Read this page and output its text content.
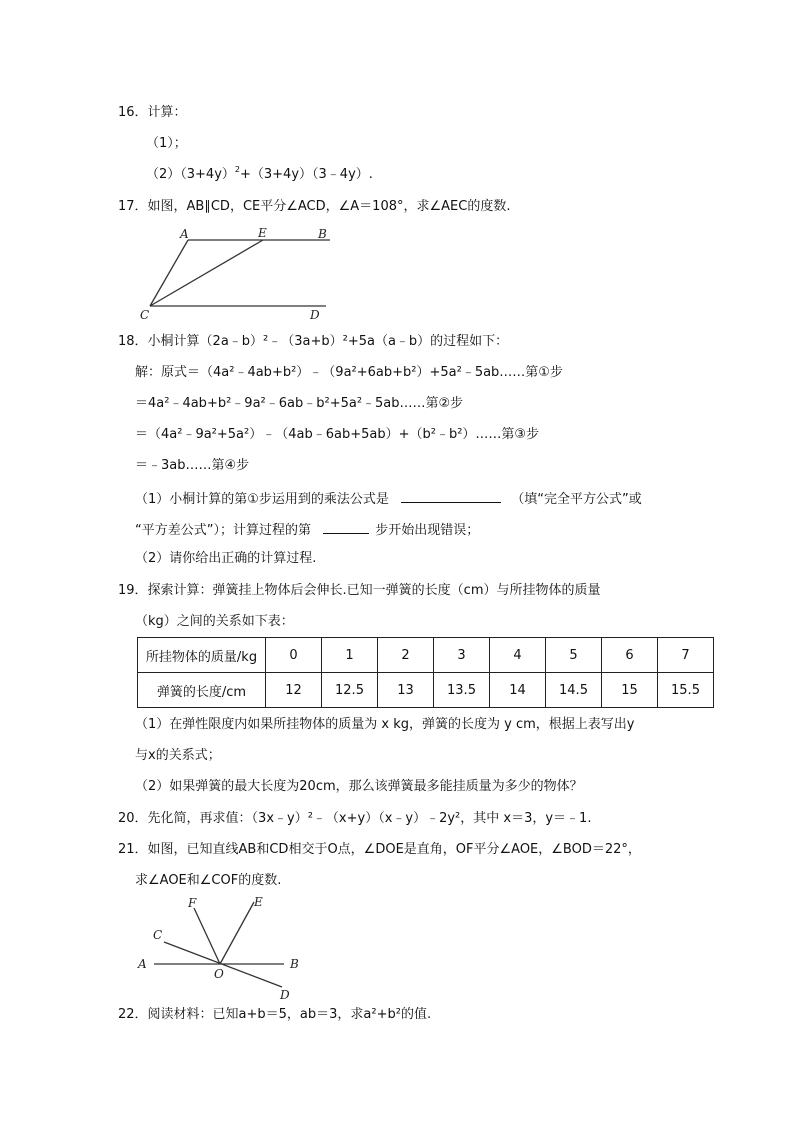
16．计算：
（1）；
$(2)(3+4y)^2+(3+4y)(3﹣4y)$.
17．如图，AB∥CD，CE平分∠ACD，∠A＝108°，求∠AEC的度数.
A	E	B
C	D
18．小桐计算（2a﹣b）²﹣（3a+b）²+5a（a﹣b）的过程如下：
解：原式＝（4a²﹣4ab+b²）﹣（9a²+6ab+b²）+5a²﹣5ab……第①步
＝4a²﹣4ab+b²﹣9a²﹣6ab﹣b²+5a²﹣5ab……第②步
＝（4a²﹣9a²+5a²）﹣（4ab﹣6ab+5ab）+（b²﹣b²）……第③步
＝﹣3ab……第④步
（1）小桐计算的第①步运用到的乘法公式是	（填“完全平方公式”或
“平方差公式”）；计算过程的第	步开始出现错误；
（2）请你给出正确的计算过程.
19．探索计算：弹簧挂上物体后会伸长.已知一弹簧的长度（cm）与所挂物体的质量
（kg）之间的关系如下表：
所挂物体的质量/kg	0	1	2	3	4	5	6	7
弹簧的长度/cm	12	12.5	13	13.5	14	14.5	15	15.5
（1）在弹性限度内如果所挂物体的质量为 x kg，弹簧的长度为 y cm，根据上表写出y
与x的关系式；
（2）如果弹簧的最大长度为20cm，那么该弹簧最多能挂质量为多少的物体？
20．先化简，再求值：（3x﹣y）²﹣（x+y）（x﹣y）﹣2y²，其中 x＝3，y＝﹣1.
21．如图，已知直线AB和CD相交于O点，∠DOE是直角，OF平分∠AOE，∠BOD＝22°，
求∠AOE和∠COF的度数.
F	E
C
A
O
B
D
22．阅读材料：已知a+b＝5，ab＝3，求a²+b²的值.
